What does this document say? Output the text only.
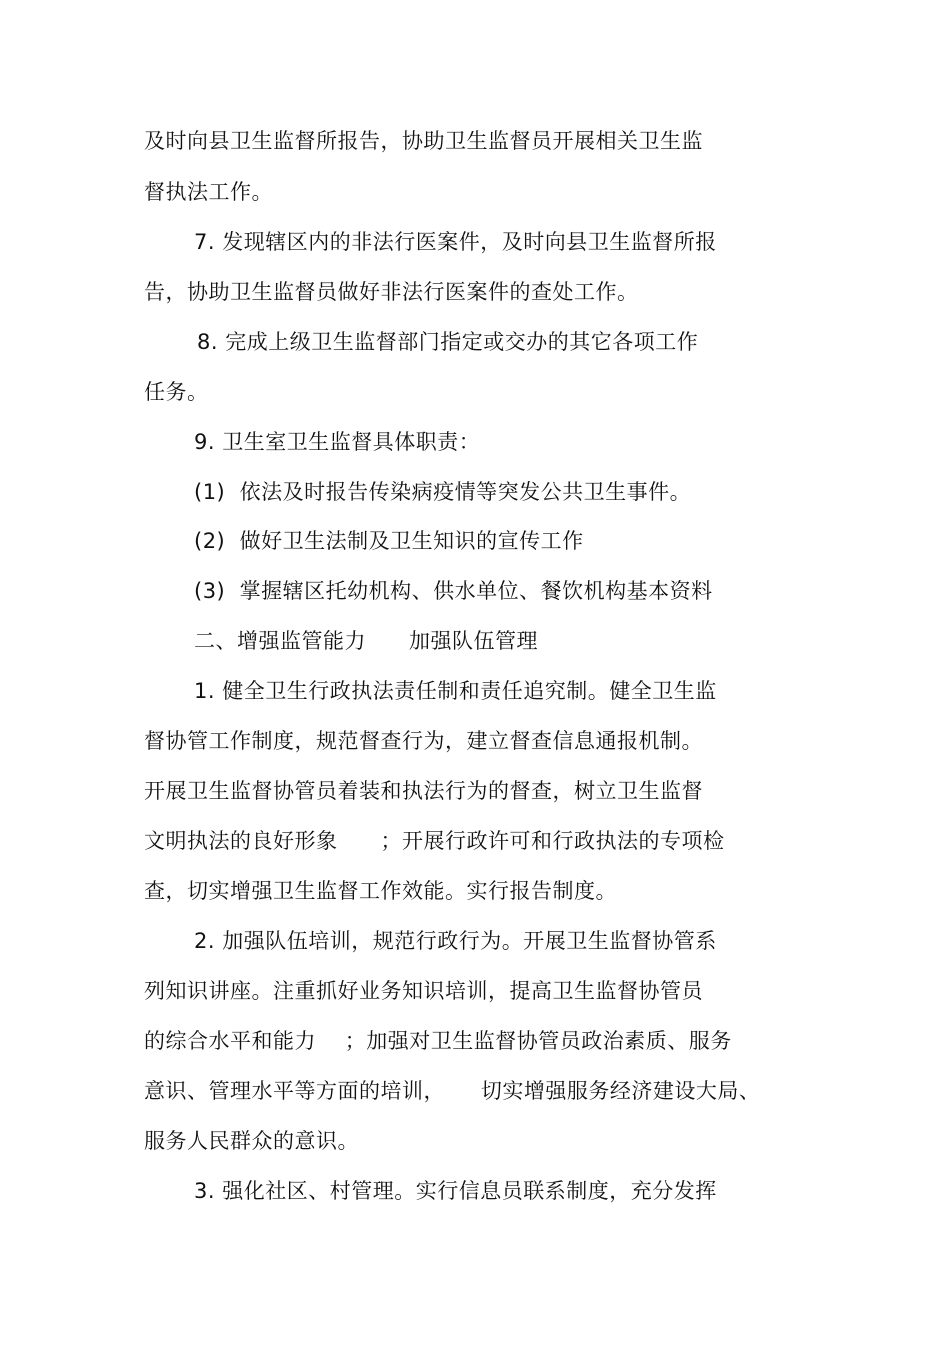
及时向县卫生监督所报告，协助卫生监督员开展相关卫生监
督执法工作。
7. 发现辖区内的非法行医案件，及时向县卫生监督所报
告，协助卫生监督员做好非法行医案件的查处工作。
8. 完成上级卫生监督部门指定或交办的其它各项工作
任务。
9. 卫生室卫生监督具体职责：
(1)  依法及时报告传染病疫情等突发公共卫生事件。
(2)  做好卫生法制及卫生知识的宣传工作
(3)  掌握辖区托幼机构、供水单位、餐饮机构基本资料
二、增强监管能力      加强队伍管理
1. 健全卫生行政执法责任制和责任追究制。健全卫生监
督协管工作制度，规范督查行为，建立督查信息通报机制。
开展卫生监督协管员着装和执法行为的督查，树立卫生监督
文明执法的良好形象      ；开展行政许可和行政执法的专项检
查，切实增强卫生监督工作效能。实行报告制度。
2. 加强队伍培训，规范行政行为。开展卫生监督协管系
列知识讲座。注重抓好业务知识培训，提高卫生监督协管员
的综合水平和能力    ；加强对卫生监督协管员政治素质、服务
意识、管理水平等方面的培训，     切实增强服务经济建设大局、
服务人民群众的意识。
3. 强化社区、村管理。实行信息员联系制度，充分发挥
